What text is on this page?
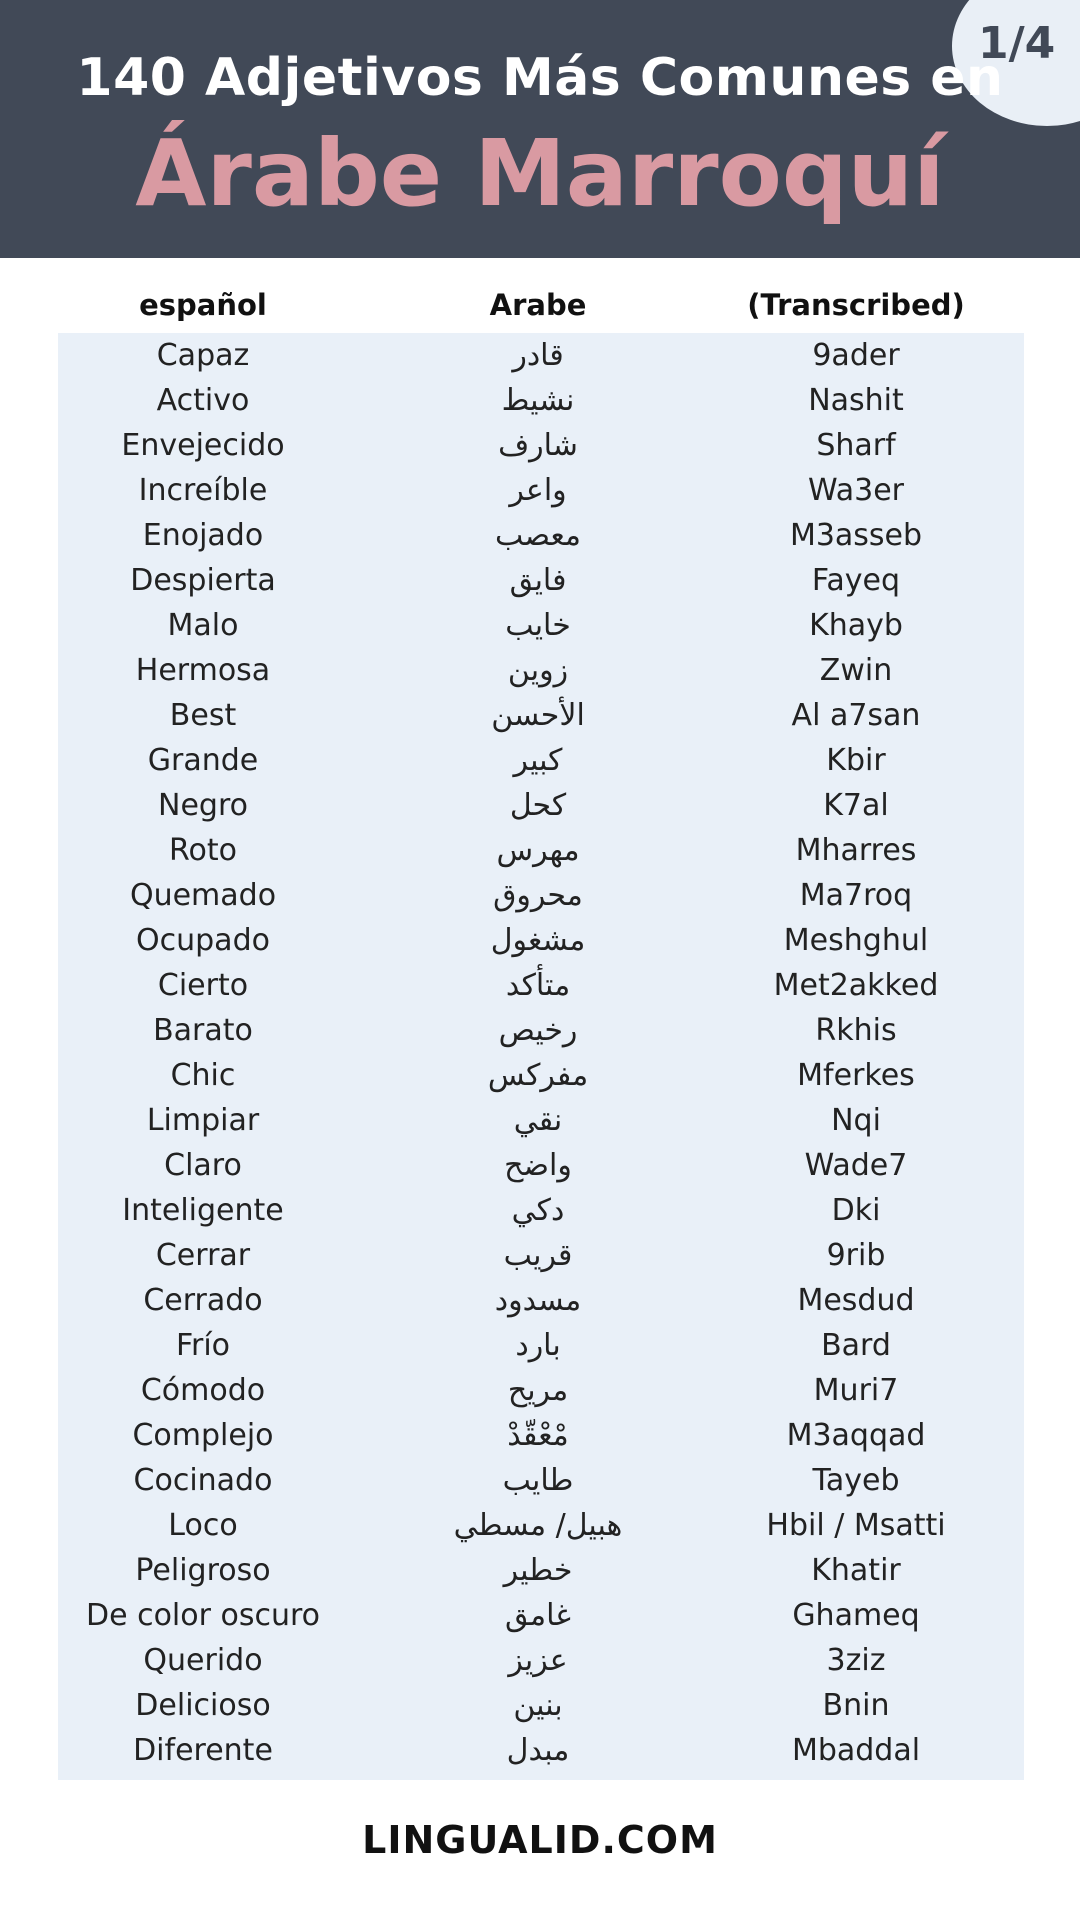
1/4
140 Adjetivos Más Comunes en
Árabe Marroquí
español	Arabe	(Transcribed)
Capaz	قادر	9ader
Activo	نشيط	Nashit
Envejecido	شارف	Sharf
Increíble	واعر	Wa3er
Enojado	معصب	M3asseb
Despierta	فايق	Fayeq
Malo	خايب	Khayb
Hermosa	زوين	Zwin
Best	الأحسن	Al a7san
Grande	كبير	Kbir
Negro	كحل	K7al
Roto	مهرس	Mharres
Quemado	محروق	Ma7roq
Ocupado	مشغول	Meshghul
Cierto	متأكد	Met2akked
Barato	رخيص	Rkhis
Chic	مفركس	Mferkes
Limpiar	نقي	Nqi
Claro	واضح	Wade7
Inteligente	دكي	Dki
Cerrar	قريب	9rib
Cerrado	مسدود	Mesdud
Frío	بارد	Bard
Cómodo	مريح	Muri7
Complejo	مْعْقّدْ	M3aqqad
Cocinado	طايب	Tayeb
Loco	هبيل/ مسطي	Hbil / Msatti
Peligroso	خطير	Khatir
De color oscuro	غامق	Ghameq
Querido	عزيز	3ziz
Delicioso	بنين	Bnin
Diferente	مبدل	Mbaddal
LINGUALID.COM
